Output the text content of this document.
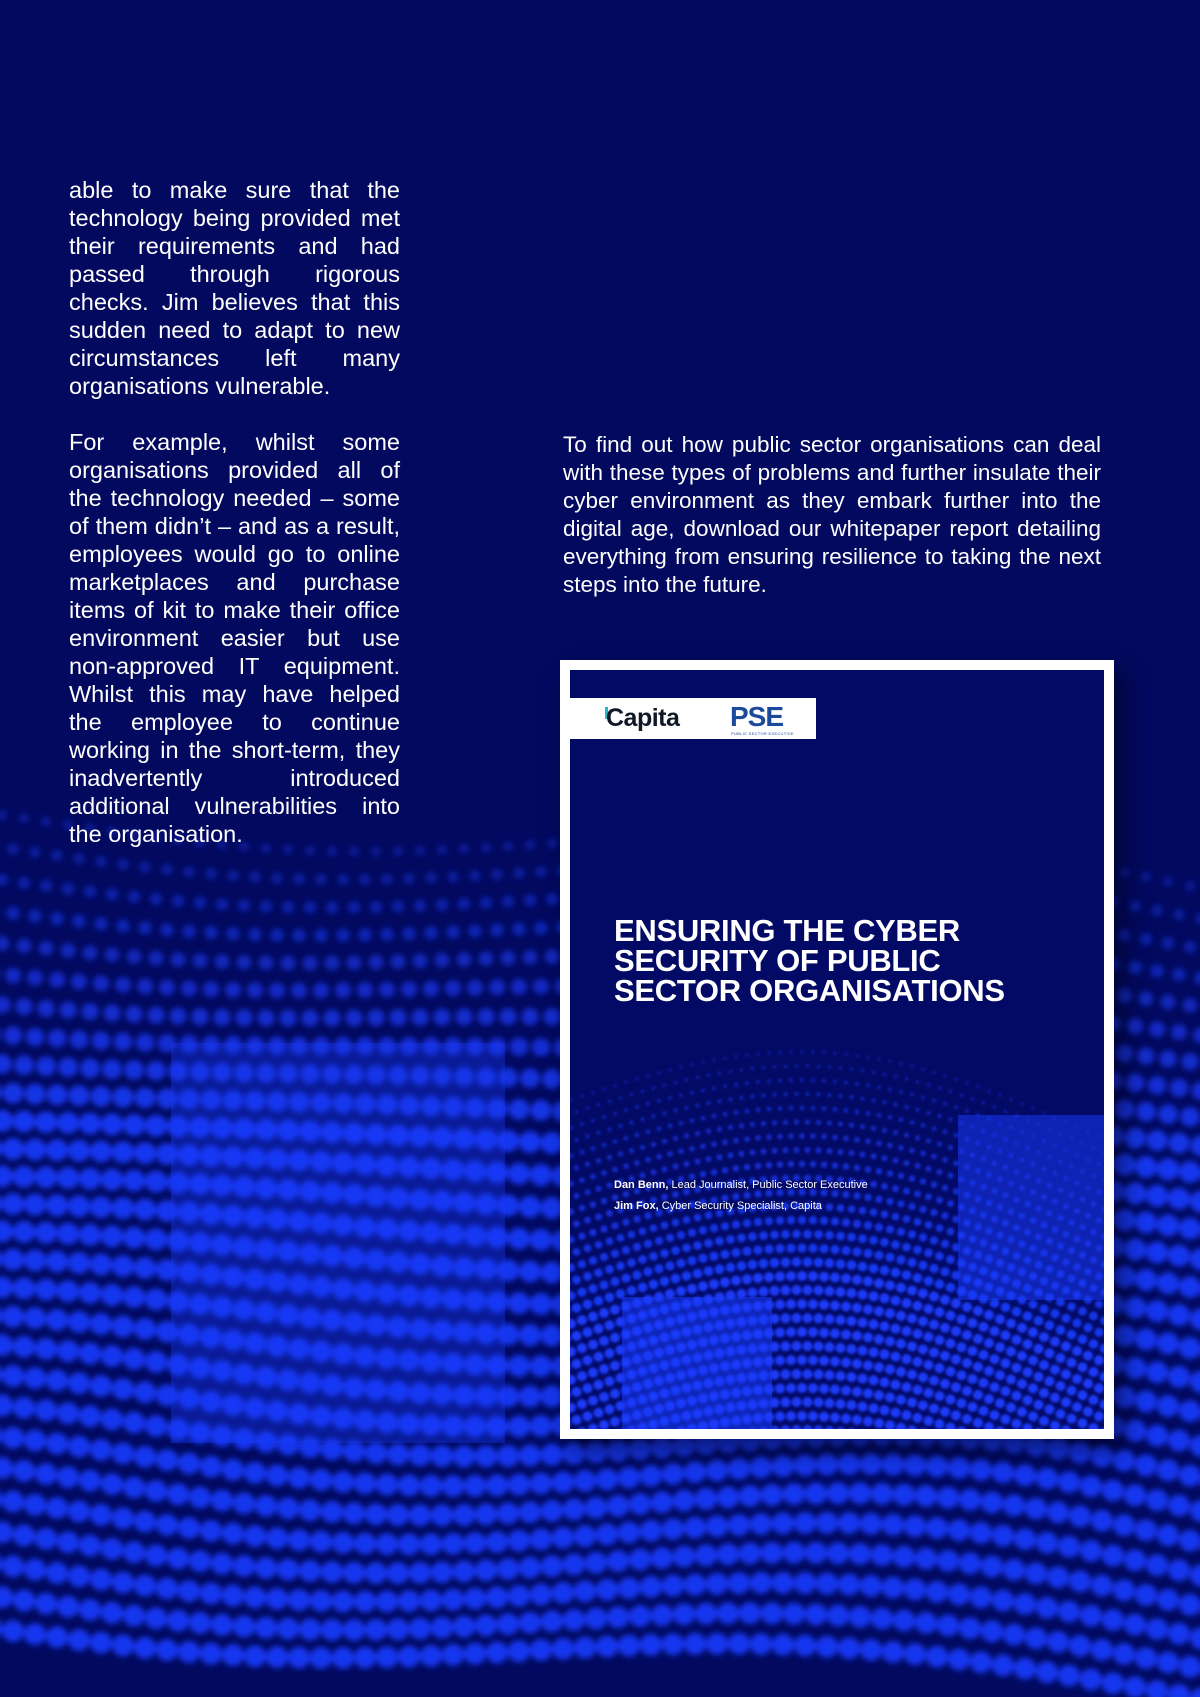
able to make sure that the technology being provided met their requirements and had passed through rigorous checks. Jim believes that this sudden need to adapt to new circumstances left many organisations vulnerable.

For example, whilst some organisations provided all of the technology needed – some of them didn’t – and as a result, employees would go to online marketplaces and purchase items of kit to make their office environment easier but use non-approved IT equipment. Whilst this may have helped the employee to continue working in the short-term, they inadvertently introduced additional vulnerabilities into the organisation.

To find out how public sector organisations can deal with these types of problems and further insulate their cyber environment as they embark further into the digital age, download our whitepaper report detailing everything from ensuring resilience to taking the next steps into the future.

Capita PSE
PUBLIC SECTOR EXECUTIVE
ENSURING THE CYBER SECURITY OF PUBLIC SECTOR ORGANISATIONS
Dan Benn, Lead Journalist, Public Sector Executive
Jim Fox, Cyber Security Specialist, Capita
